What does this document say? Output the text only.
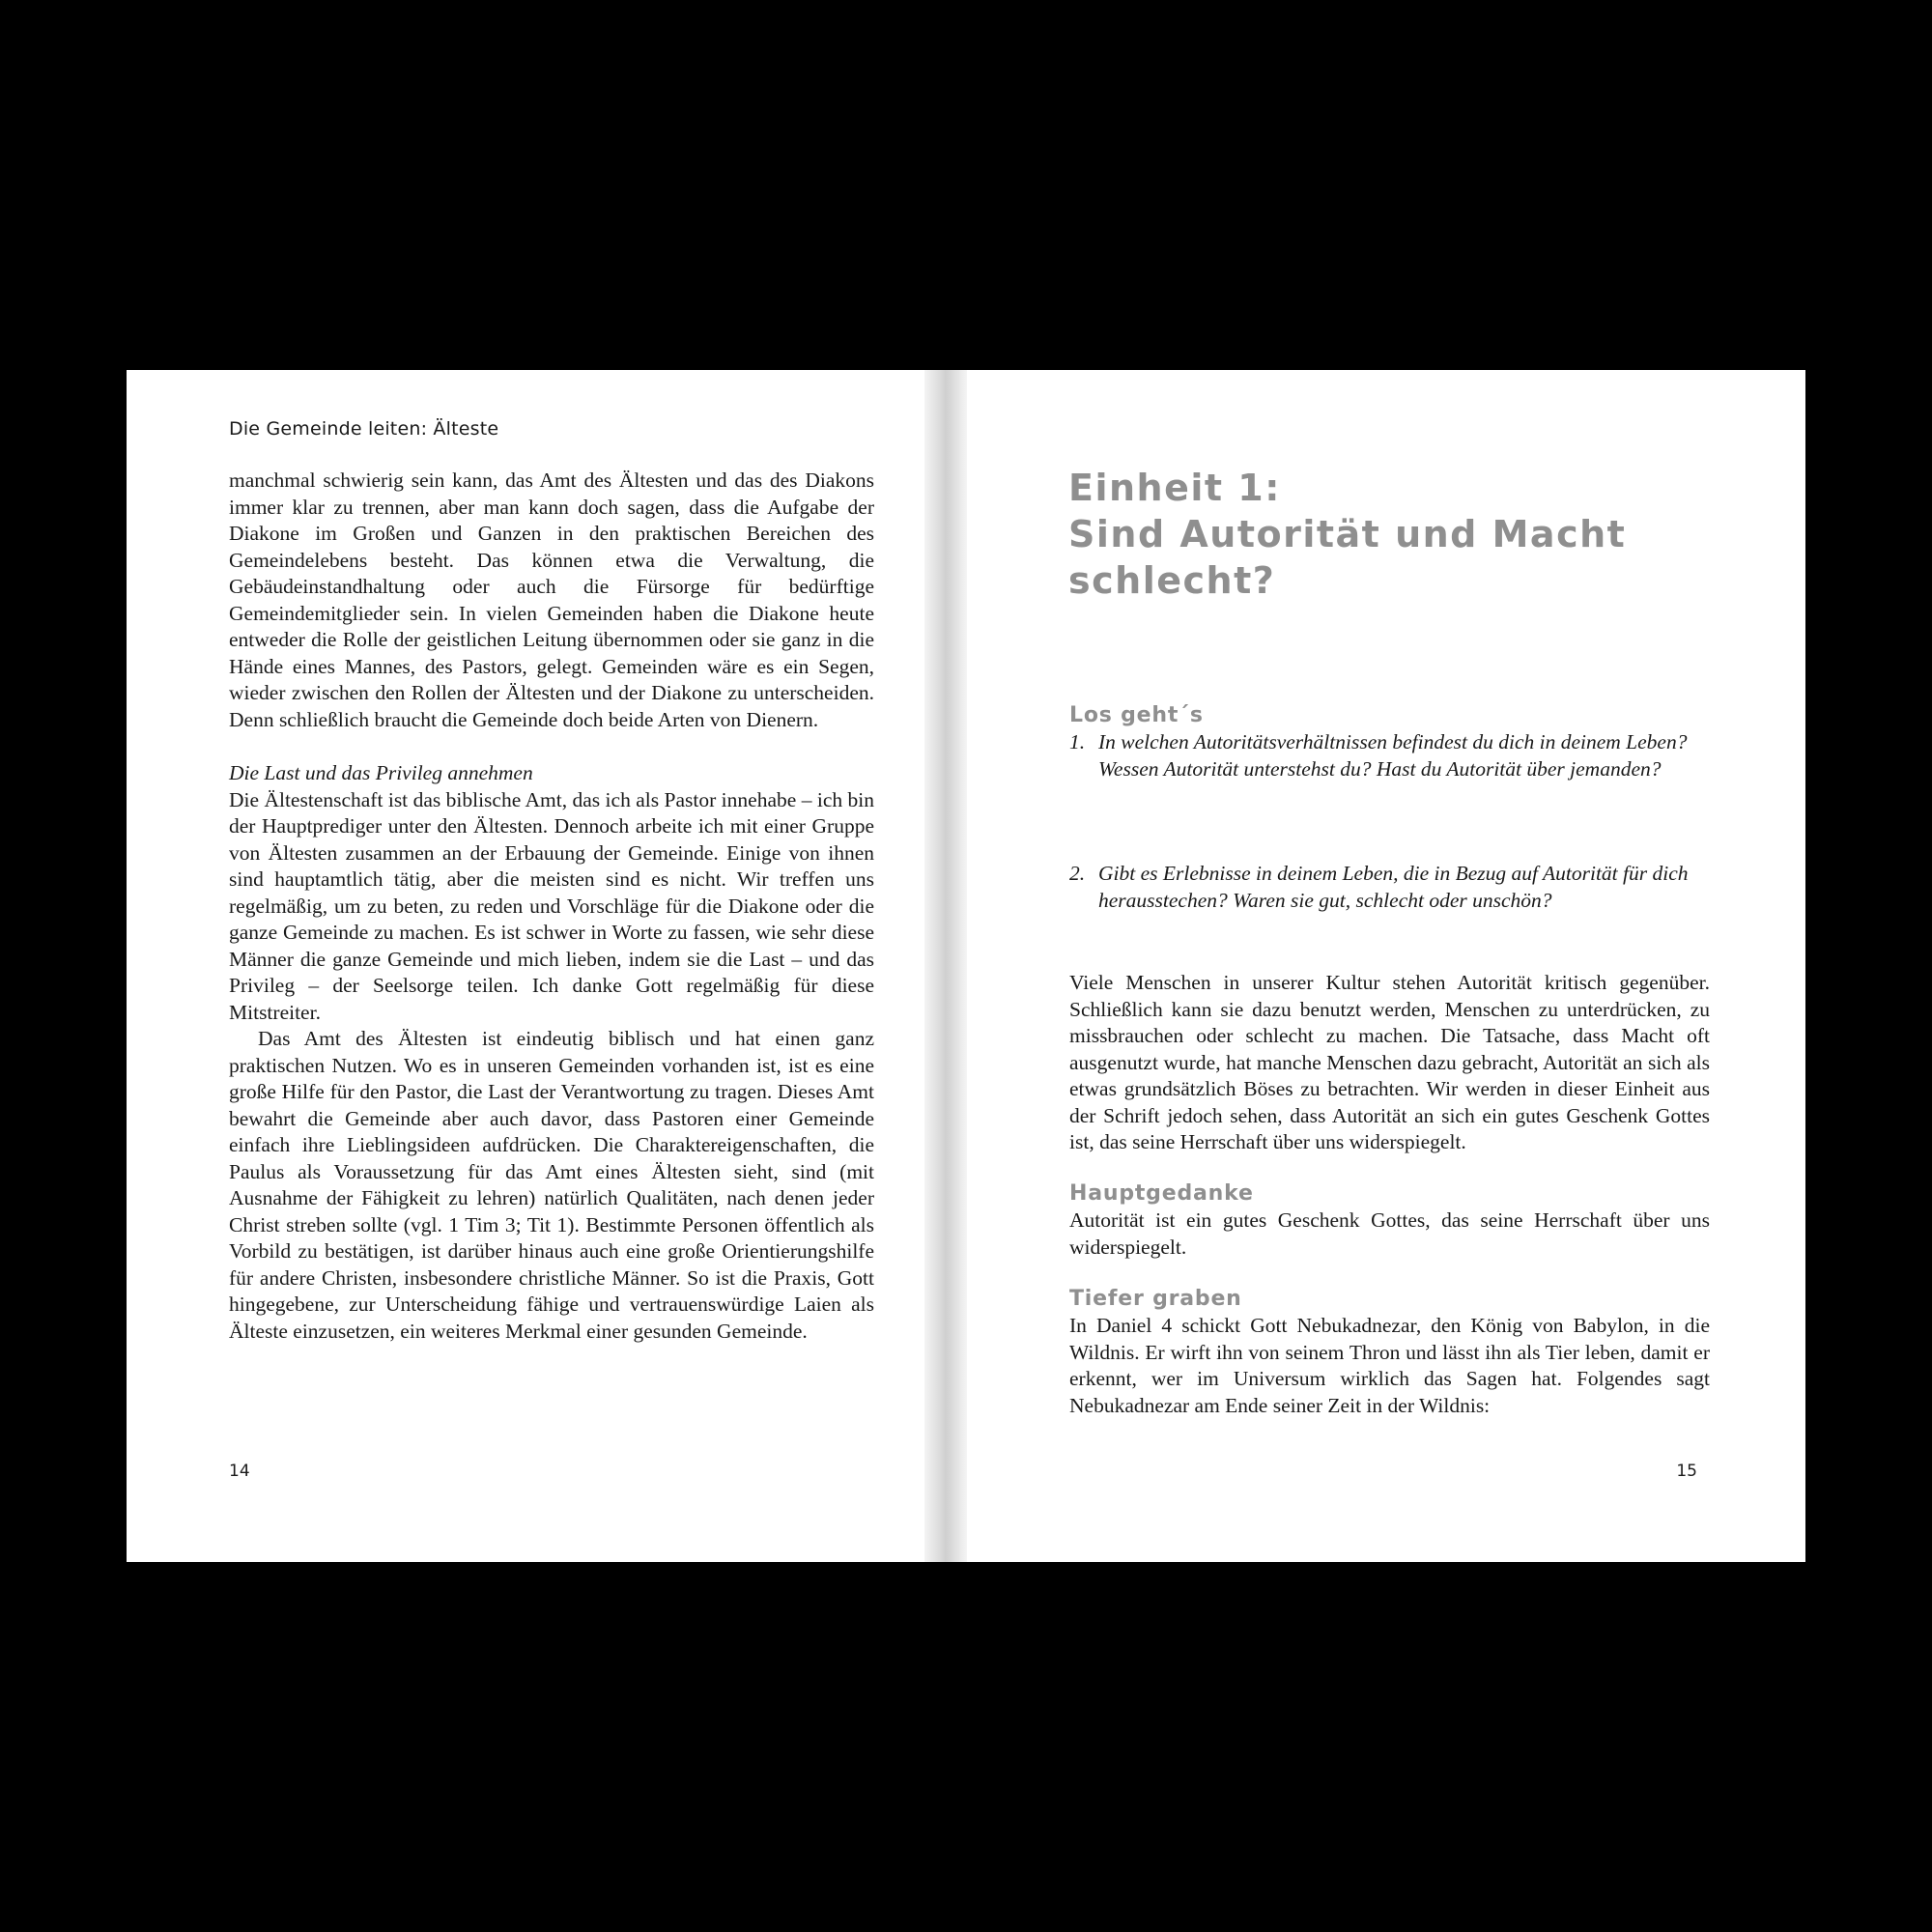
Die Gemeinde leiten: Älteste

manchmal schwierig sein kann, das Amt des Ältesten und das des Diakons immer klar zu trennen, aber man kann doch sagen, dass die Aufgabe der Diakone im Großen und Ganzen in den praktischen Bereichen des Gemeindelebens besteht. Das können etwa die Verwaltung, die Gebäudeinstandhaltung oder auch die Fürsorge für bedürftige Gemeindemitglieder sein. In vielen Gemeinden haben die Diakone heute entweder die Rolle der geistlichen Leitung übernommen oder sie ganz in die Hände eines Mannes, des Pastors, gelegt. Gemeinden wäre es ein Segen, wieder zwischen den Rollen der Ältesten und der Diakone zu unterscheiden. Denn schließlich braucht die Gemeinde doch beide Arten von Dienern.

Die Last und das Privileg annehmen

Die Ältestenschaft ist das biblische Amt, das ich als Pastor innehabe – ich bin der Hauptprediger unter den Ältesten. Dennoch arbeite ich mit einer Gruppe von Ältesten zusammen an der Erbauung der Gemeinde. Einige von ihnen sind hauptamtlich tätig, aber die meisten sind es nicht. Wir treffen uns regelmäßig, um zu beten, zu reden und Vorschläge für die Diakone oder die ganze Gemeinde zu machen. Es ist schwer in Worte zu fassen, wie sehr diese Männer die ganze Gemeinde und mich lieben, indem sie die Last – und das Privileg – der Seelsorge teilen. Ich danke Gott regelmäßig für diese Mitstreiter.

Das Amt des Ältesten ist eindeutig biblisch und hat einen ganz praktischen Nutzen. Wo es in unseren Gemeinden vorhanden ist, ist es eine große Hilfe für den Pastor, die Last der Verantwortung zu tragen. Dieses Amt bewahrt die Gemeinde aber auch davor, dass Pastoren einer Gemeinde einfach ihre Lieblingsideen aufdrücken. Die Charaktereigenschaften, die Paulus als Voraussetzung für das Amt eines Ältesten sieht, sind (mit Ausnahme der Fähigkeit zu lehren) natürlich Qualitäten, nach denen jeder Christ streben sollte (vgl. 1 Tim 3; Tit 1). Bestimmte Personen öffentlich als Vorbild zu bestätigen, ist darüber hinaus auch eine große Orientierungshilfe für andere Christen, insbesondere christliche Männer. So ist die Praxis, Gott hingegebene, zur Unterscheidung fähige und vertrauenswürdige Laien als Älteste einzusetzen, ein weiteres Merkmal einer gesunden Gemeinde.

14
Einheit 1:
Sind Autorität und Macht
schlecht?
Los geht´s
1. In welchen Autoritätsverhältnissen befindest du dich in deinem Leben? Wessen Autorität unterstehst du? Hast du Autorität über jemanden?
2. Gibt es Erlebnisse in deinem Leben, die in Bezug auf Autorität für dich herausstechen? Waren sie gut, schlecht oder unschön?

Viele Menschen in unserer Kultur stehen Autorität kritisch gegenüber. Schließlich kann sie dazu benutzt werden, Menschen zu unterdrücken, zu missbrauchen oder schlecht zu machen. Die Tatsache, dass Macht oft ausgenutzt wurde, hat manche Menschen dazu gebracht, Autorität an sich als etwas grundsätzlich Böses zu betrachten. Wir werden in dieser Einheit aus der Schrift jedoch sehen, dass Autorität an sich ein gutes Geschenk Gottes ist, das seine Herrschaft über uns widerspiegelt.

Hauptgedanke

Autorität ist ein gutes Geschenk Gottes, das seine Herrschaft über uns widerspiegelt.

Tiefer graben

In Daniel 4 schickt Gott Nebukadnezar, den König von Babylon, in die Wildnis. Er wirft ihn von seinem Thron und lässt ihn als Tier leben, damit er erkennt, wer im Universum wirklich das Sagen hat. Folgendes sagt Nebukadnezar am Ende seiner Zeit in der Wildnis:

15
